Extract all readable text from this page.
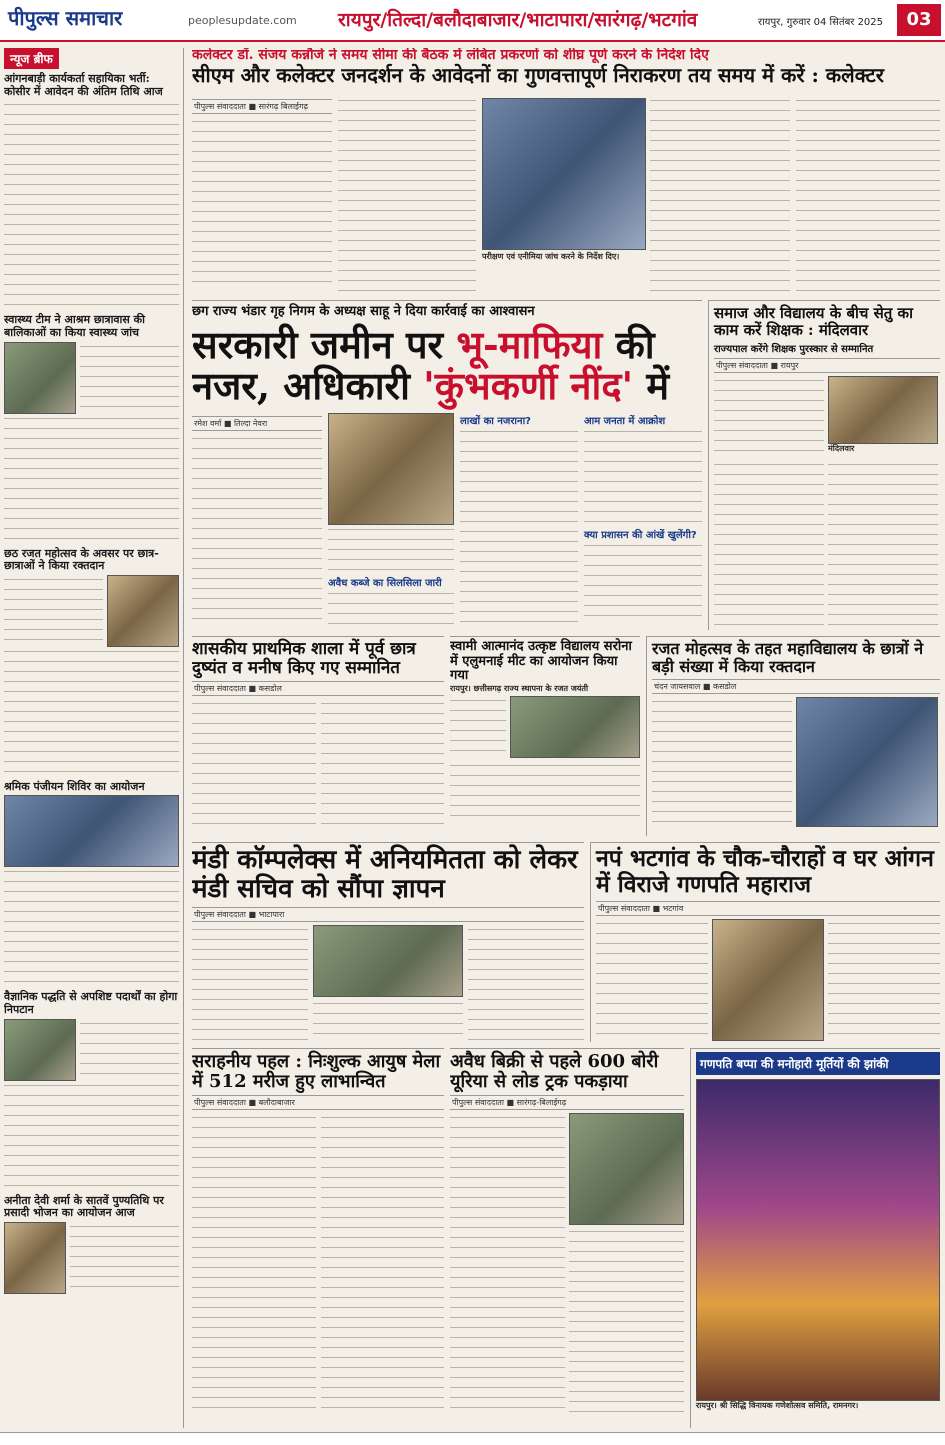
पीपुल्स समाचार	peoplesupdate.com रायपुर/तिल्दा/बलौदाबाजार/भाटापारा/सारंगढ़/भटगांव	रायपुर, गुरुवार 04 सितंबर 2025	03
न्यूज ब्रीफ
आंगनबाड़ी कार्यकर्ता सहायिका भर्ती: कोसीर में आवेदन की अंतिम तिथि आज
स्वास्थ्य टीम ने आश्रम छात्रावास की बालिकाओं का किया स्वास्थ्य जांच
छठ रजत महोत्सव के अवसर पर छात्र-छात्राओं ने किया रक्तदान
श्रमिक पंजीयन शिविर का आयोजन
वैज्ञानिक पद्धति से अपशिष्ट पदार्थों का होगा निपटान
अनीता देवी शर्मा के सातवें पुण्यतिथि पर प्रसादी भोजन का आयोजन आज
कलेक्टर डॉ. संजय कन्नौजे ने समय सीमा की बैठक में लंबित प्रकरणों को शीघ्र पूर्ण करने के निर्देश दिए
सीएम और कलेक्टर जनदर्शन के आवेदनों का गुणवत्तापूर्ण निराकरण तय समय में करें : कलेक्टर
पीपुल्स संवाददाता ■ सारंगढ़ बिलाईगढ़
परीक्षण एवं एनीमिया जांच करने के निर्देश दिए।
छग राज्य भंडार गृह निगम के अध्यक्ष साहू ने दिया कार्रवाई का आश्वासन
सरकारी जमीन पर भू-माफिया की नजर, अधिकारी 'कुंभकर्णी नींद' में
रमेश वर्मा ■ तिल्दा नेवरा
अवैध कब्जे का सिलसिला जारी
लाखों का नजराना?	आम जनता में आक्रोश
क्या प्रशासन की आंखें खुलेंगी?
समाज और विद्यालय के बीच सेतु का काम करें शिक्षक : मंदिलवार
राज्यपाल करेंगे शिक्षक पुरस्कार से सम्मानित
पीपुल्स संवाददाता ■ रायपुर
मंदिलवार
शासकीय प्राथमिक शाला में पूर्व छात्र दुष्यंत व मनीष किए गए सम्मानित
पीपुल्स संवाददाता ■ कसडोल
स्वामी आत्मानंद उत्कृष्ट विद्यालय सरोना में एलुमनाई मीट का आयोजन किया गया
रायपुर। छत्तीसगढ़ राज्य स्थापना के रजत जयंती
रजत मोहत्सव के तहत महाविद्यालय के छात्रों ने बड़ी संख्या में किया रक्तदान
चंदन जायसवाल ■ कसडोल
मंडी कॉम्पलेक्स में अनियमितता को लेकर मंडी सचिव को सौंपा ज्ञापन
पीपुल्स संवाददाता ■ भाटापारा
नपं भटगांव के चौक-चौराहों व घर आंगन में विराजे गणपति महाराज
पीपुल्स संवाददाता ■ भटगांव
सराहनीय पहल : निःशुल्क आयुष मेला में 512 मरीज हुए लाभान्वित
पीपुल्स संवाददाता ■ बलौदाबाजार
अवैध बिक्री से पहले 600 बोरी यूरिया से लोड ट्रक पकड़ाया
पीपुल्स संवाददाता ■ सारंगढ़-बिलाईगढ़
गणपति बप्पा की मनोहारी मूर्तियों की झांकी
रायपुर। श्री सिद्धि विनायक गणेशोत्सव समिति, रामनगर।
